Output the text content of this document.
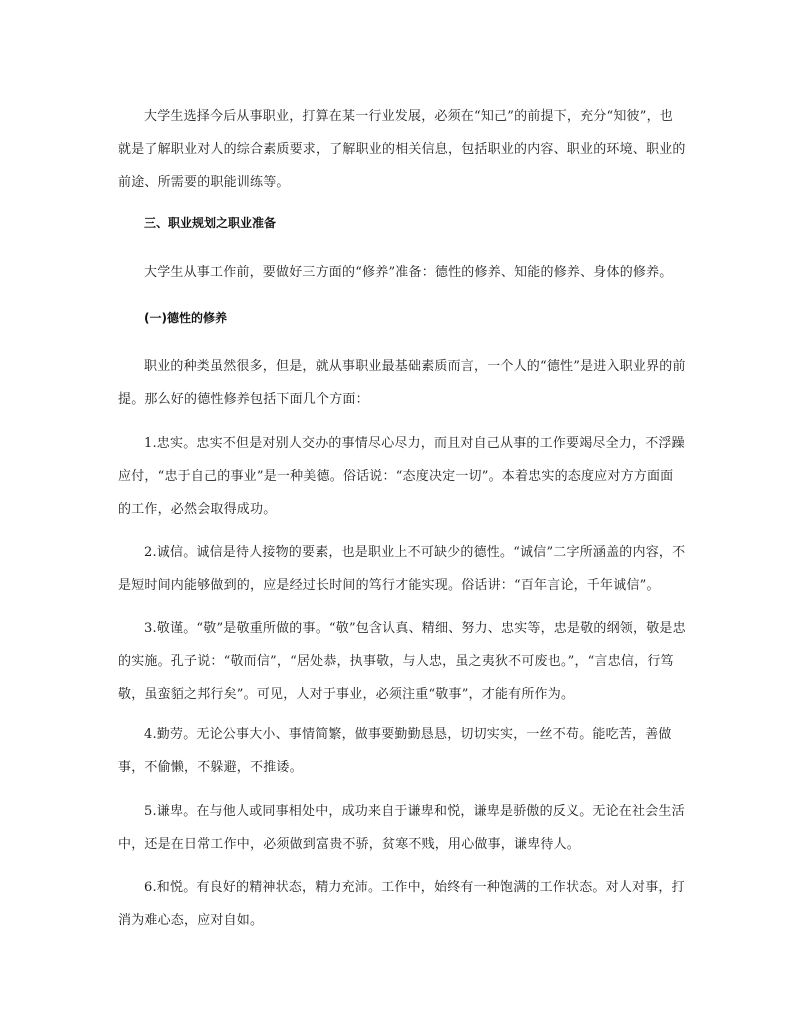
大学生选择今后从事职业，打算在某一行业发展，必须在“知己”的前提下，充分“知彼”，也就是了解职业对人的综合素质要求，了解职业的相关信息，包括职业的内容、职业的环境、职业的前途、所需要的职能训练等。

三、职业规划之职业准备

大学生从事工作前，要做好三方面的“修养”准备：德性的修养、知能的修养、身体的修养。

(一)德性的修养

职业的种类虽然很多，但是，就从事职业最基础素质而言，一个人的“德性”是进入职业界的前提。那么好的德性修养包括下面几个方面：

1.忠实。忠实不但是对别人交办的事情尽心尽力，而且对自己从事的工作要竭尽全力，不浮躁应付，“忠于自己的事业”是一种美德。俗话说：“态度决定一切”。本着忠实的态度应对方方面面的工作，必然会取得成功。

2.诚信。诚信是待人接物的要素，也是职业上不可缺少的德性。“诚信”二字所涵盖的内容，不是短时间内能够做到的，应是经过长时间的笃行才能实现。俗话讲：“百年言论，千年诚信”。

3.敬谨。“敬”是敬重所做的事。“敬”包含认真、精细、努力、忠实等，忠是敬的纲领，敬是忠的实施。孔子说：“敬而信”，“居处恭，执事敬，与人忠，虽之夷狄不可废也。”，“言忠信，行笃敬，虽蛮貊之邦行矣”。可见，人对于事业，必须注重“敬事”，才能有所作为。

4.勤劳。无论公事大小、事情简繁，做事要勤勤恳恳，切切实实，一丝不苟。能吃苦，善做事，不偷懒，不躲避，不推诿。

5.谦卑。在与他人或同事相处中，成功来自于谦卑和悦，谦卑是骄傲的反义。无论在社会生活中，还是在日常工作中，必须做到富贵不骄，贫寒不贱，用心做事，谦卑待人。

6.和悦。有良好的精神状态，精力充沛。工作中，始终有一种饱满的工作状态。对人对事，打消为难心态，应对自如。
